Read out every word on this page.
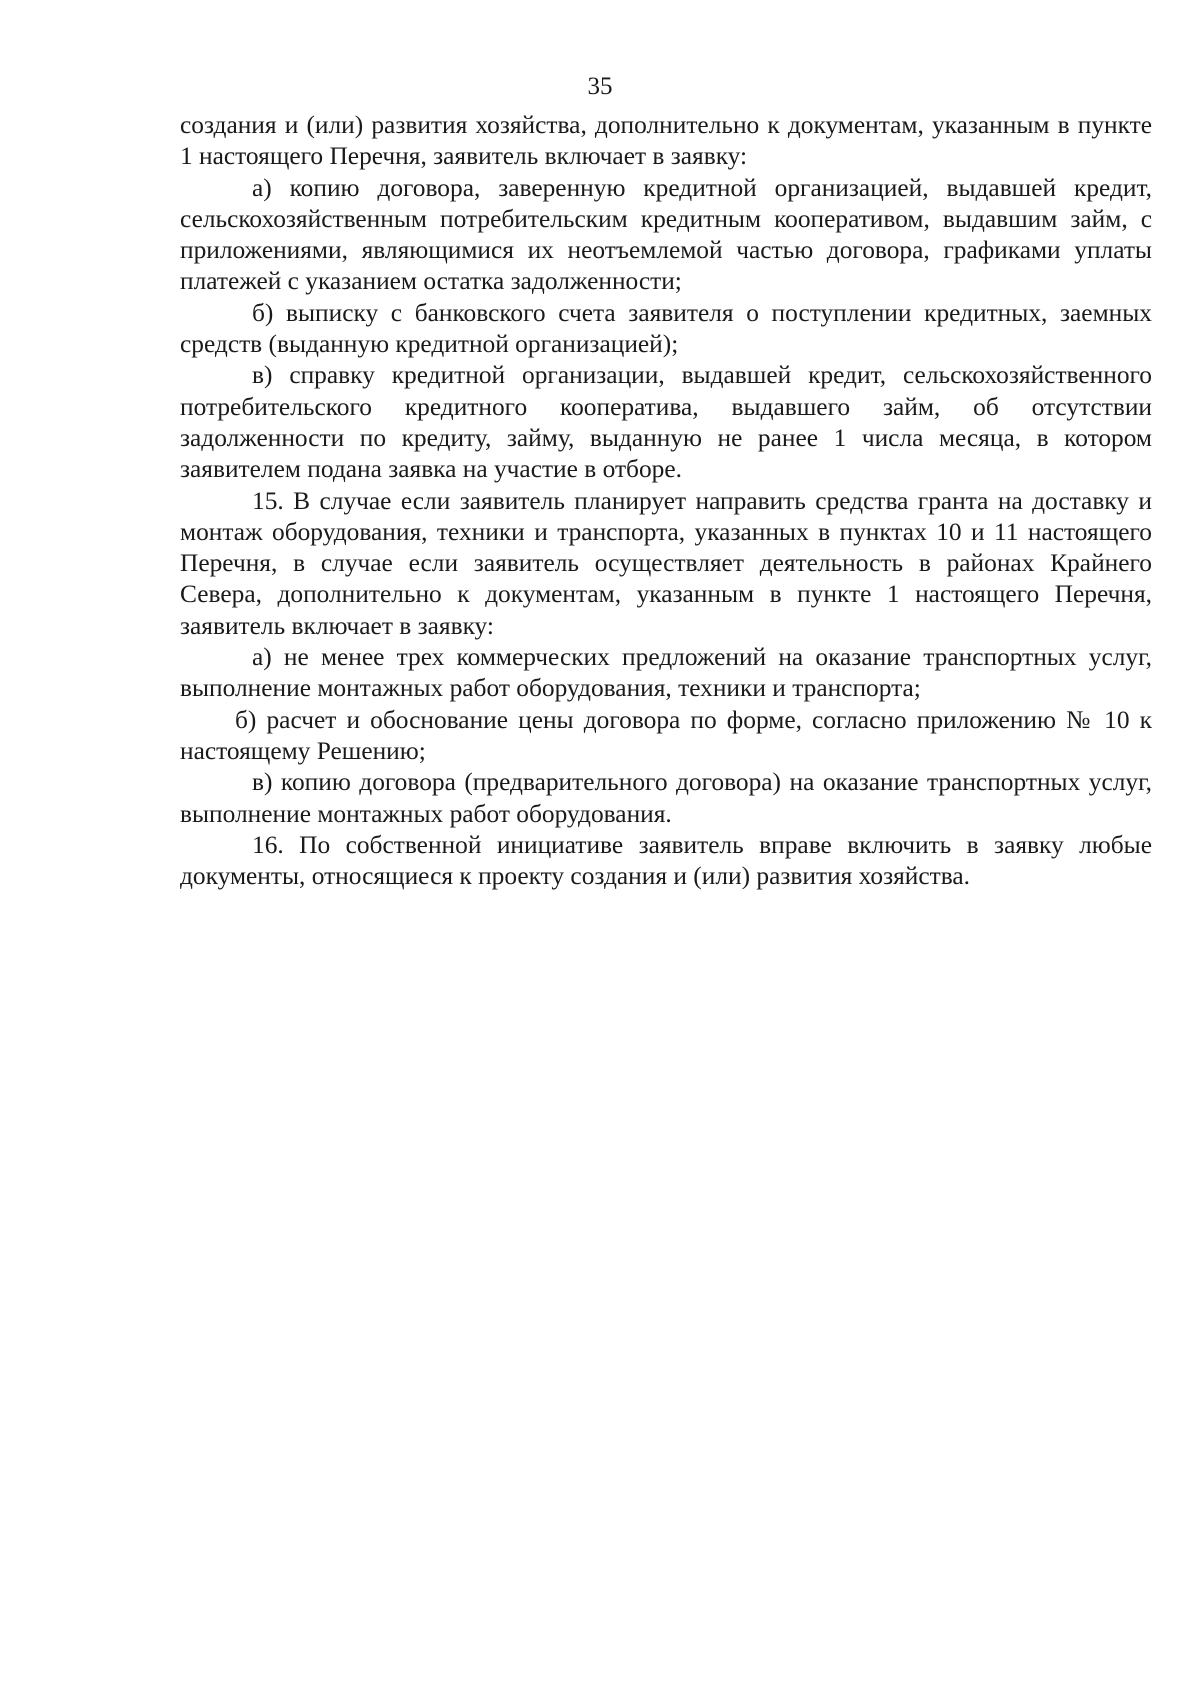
35

создания и (или) развития хозяйства, дополнительно к документам, указанным в пункте 1 настоящего Перечня, заявитель включает в заявку:

а) копию договора, заверенную кредитной организацией, выдавшей кредит, сельскохозяйственным потребительским кредитным кооперативом, выдавшим займ, с приложениями, являющимися их неотъемлемой частью договора, графиками уплаты платежей с указанием остатка задолженности;

б) выписку с банковского счета заявителя о поступлении кредитных, заемных средств (выданную кредитной организацией);

в) справку кредитной организации, выдавшей кредит, сельскохозяйственного потребительского кредитного кооператива, выдавшего займ, об отсутствии задолженности по кредиту, займу, выданную не ранее 1 числа месяца, в котором заявителем подана заявка на участие в отборе.

15. В случае если заявитель планирует направить средства гранта на доставку и монтаж оборудования, техники и транспорта, указанных в пунктах 10 и 11 настоящего Перечня, в случае если заявитель осуществляет деятельность в районах Крайнего Севера, дополнительно к документам, указанным в пункте 1 настоящего Перечня, заявитель включает в заявку:

а) не менее трех коммерческих предложений на оказание транспортных услуг, выполнение монтажных работ оборудования, техники и транспорта;

б) расчет и обоснование цены договора по форме, согласно приложению № 10 к настоящему Решению;

в) копию договора (предварительного договора) на оказание транспортных услуг, выполнение монтажных работ оборудования.

16. По собственной инициативе заявитель вправе включить в заявку любые документы, относящиеся к проекту создания и (или) развития хозяйства.
